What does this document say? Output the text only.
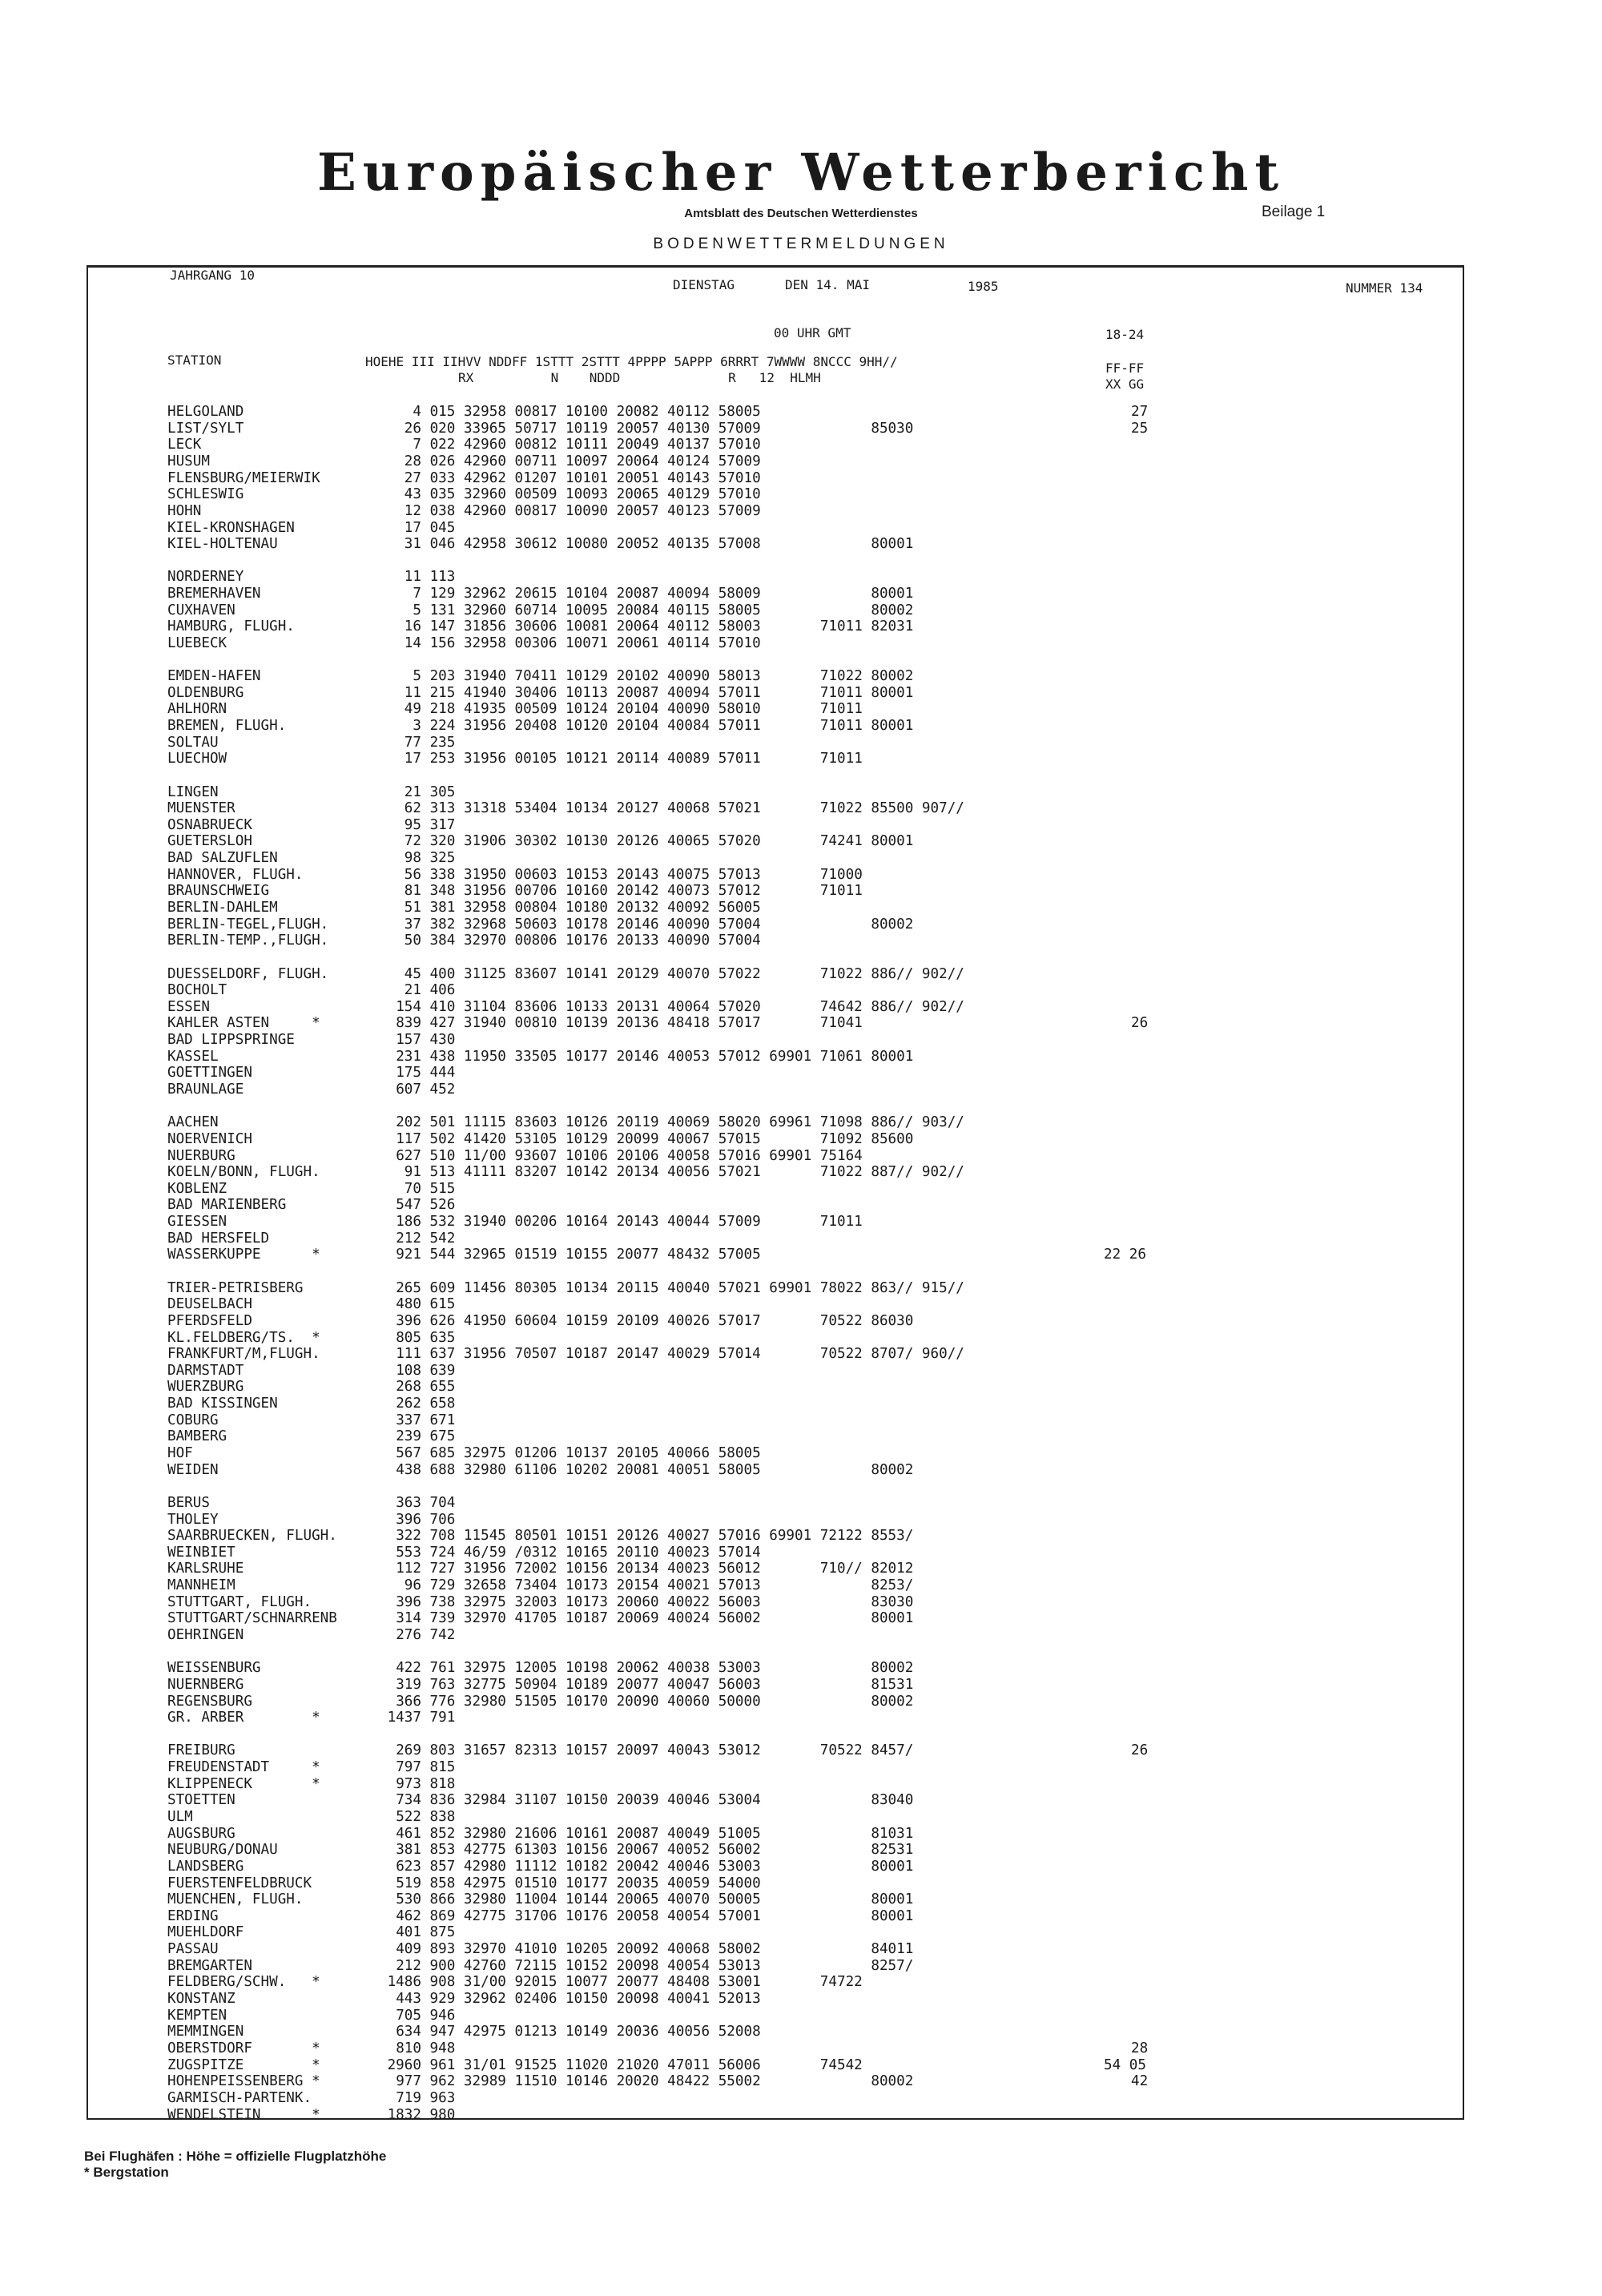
Europäischer Wetterbericht
Amtsblatt des Deutschen Wetterdienstes	Beilage 1
BODENWETTERMELDUNGEN
JAHRGANG 10
DIENSTAG	DEN 14. MAI	1985	NUMMER 134
00 UHR GMT	18-24
STATION	HOEHE III IIHVV NDDFF 1STTT 2STTT 4PPPP 5APPP 6RRRT 7WWWW 8NCCC 9HH//
RX          N    NDDD              R   12  HLMH
FF-FF
XX GG
HELGOLAND	4 015 32958 00817 10100 20082 40112 58005	27
LIST/SYLT	26 020 33965 50717 10119 20057 40130 57009             85030	25
LECK	7 022 42960 00812 10111 20049 40137 57010
HUSUM	28 026 42960 00711 10097 20064 40124 57009
FLENSBURG/MEIERWIK	27 033 42962 01207 10101 20051 40143 57010
SCHLESWIG	43 035 32960 00509 10093 20065 40129 57010
HOHN	12 038 42960 00817 10090 20057 40123 57009
KIEL-KRONSHAGEN	17 045
KIEL-HOLTENAU	31 046 42958 30612 10080 20052 40135 57008             80001
NORDERNEY	11 113
BREMERHAVEN	7 129 32962 20615 10104 20087 40094 58009             80001
CUXHAVEN	5 131 32960 60714 10095 20084 40115 58005             80002
HAMBURG, FLUGH.	16 147 31856 30606 10081 20064 40112 58003       71011 82031
LUEBECK	14 156 32958 00306 10071 20061 40114 57010
EMDEN-HAFEN	5 203 31940 70411 10129 20102 40090 58013       71022 80002
OLDENBURG	11 215 41940 30406 10113 20087 40094 57011       71011 80001
AHLHORN	49 218 41935 00509 10124 20104 40090 58010       71011
BREMEN, FLUGH.	3 224 31956 20408 10120 20104 40084 57011       71011 80001
SOLTAU	77 235
LUECHOW	17 253 31956 00105 10121 20114 40089 57011       71011
LINGEN	21 305
MUENSTER	62 313 31318 53404 10134 20127 40068 57021       71022 85500 907//
OSNABRUECK	95 317
GUETERSLOH	72 320 31906 30302 10130 20126 40065 57020       74241 80001
BAD SALZUFLEN	98 325
HANNOVER, FLUGH.	56 338 31950 00603 10153 20143 40075 57013       71000
BRAUNSCHWEIG	81 348 31956 00706 10160 20142 40073 57012       71011
BERLIN-DAHLEM	51 381 32958 00804 10180 20132 40092 56005
BERLIN-TEGEL,FLUGH.	37 382 32968 50603 10178 20146 40090 57004             80002
BERLIN-TEMP.,FLUGH.	50 384 32970 00806 10176 20133 40090 57004
DUESSELDORF, FLUGH.	45 400 31125 83607 10141 20129 40070 57022       71022 886// 902//
BOCHOLT	21 406
ESSEN	154 410 31104 83606 10133 20131 40064 57020       74642 886// 902//
KAHLER ASTEN     *	839 427 31940 00810 10139 20136 48418 57017       71041	26
BAD LIPPSPRINGE	157 430
KASSEL	231 438 11950 33505 10177 20146 40053 57012 69901 71061 80001
GOETTINGEN	175 444
BRAUNLAGE	607 452
AACHEN	202 501 11115 83603 10126 20119 40069 58020 69961 71098 886// 903//
NOERVENICH	117 502 41420 53105 10129 20099 40067 57015       71092 85600
NUERBURG	627 510 11/00 93607 10106 20106 40058 57016 69901 75164
KOELN/BONN, FLUGH.	91 513 41111 83207 10142 20134 40056 57021       71022 887// 902//
KOBLENZ	70 515
BAD MARIENBERG	547 526
GIESSEN	186 532 31940 00206 10164 20143 40044 57009       71011
BAD HERSFELD	212 542
WASSERKUPPE      *	921 544 32965 01519 10155 20077 48432 57005	22 26
TRIER-PETRISBERG	265 609 11456 80305 10134 20115 40040 57021 69901 78022 863// 915//
DEUSELBACH	480 615
PFERDSFELD	396 626 41950 60604 10159 20109 40026 57017       70522 86030
KL.FELDBERG/TS.  *	805 635
FRANKFURT/M,FLUGH.	111 637 31956 70507 10187 20147 40029 57014       70522 8707/ 960//
DARMSTADT	108 639
WUERZBURG	268 655
BAD KISSINGEN	262 658
COBURG	337 671
BAMBERG	239 675
HOF	567 685 32975 01206 10137 20105 40066 58005
WEIDEN	438 688 32980 61106 10202 20081 40051 58005             80002
BERUS	363 704
THOLEY	396 706
SAARBRUECKEN, FLUGH.	322 708 11545 80501 10151 20126 40027 57016 69901 72122 8553/
WEINBIET	553 724 46/59 /0312 10165 20110 40023 57014
KARLSRUHE	112 727 31956 72002 10156 20134 40023 56012       710// 82012
MANNHEIM	96 729 32658 73404 10173 20154 40021 57013             8253/
STUTTGART, FLUGH.	396 738 32975 32003 10173 20060 40022 56003             83030
STUTTGART/SCHNARRENB	314 739 32970 41705 10187 20069 40024 56002             80001
OEHRINGEN	276 742
WEISSENBURG	422 761 32975 12005 10198 20062 40038 53003             80002
NUERNBERG	319 763 32775 50904 10189 20077 40047 56003             81531
REGENSBURG	366 776 32980 51505 10170 20090 40060 50000             80002
GR. ARBER        *	1437 791
FREIBURG	269 803 31657 82313 10157 20097 40043 53012       70522 8457/	26
FREUDENSTADT     *	797 815
KLIPPENECK       *	973 818
STOETTEN	734 836 32984 31107 10150 20039 40046 53004             83040
ULM	522 838
AUGSBURG	461 852 32980 21606 10161 20087 40049 51005             81031
NEUBURG/DONAU	381 853 42775 61303 10156 20067 40052 56002             82531
LANDSBERG	623 857 42980 11112 10182 20042 40046 53003             80001
FUERSTENFELDBRUCK	519 858 42975 01510 10177 20035 40059 54000
MUENCHEN, FLUGH.	530 866 32980 11004 10144 20065 40070 50005             80001
ERDING	462 869 42775 31706 10176 20058 40054 57001             80001
MUEHLDORF	401 875
PASSAU	409 893 32970 41010 10205 20092 40068 58002             84011
BREMGARTEN	212 900 42760 72115 10152 20098 40054 53013             8257/
FELDBERG/SCHW.   *	1486 908 31/00 92015 10077 20077 48408 53001       74722
KONSTANZ	443 929 32962 02406 10150 20098 40041 52013
KEMPTEN	705 946
MEMMINGEN	634 947 42975 01213 10149 20036 40056 52008
OBERSTDORF       *	810 948	28
ZUGSPITZE        *	2960 961 31/01 91525 11020 21020 47011 56006       74542	54 05
HOHENPEISSENBERG *	977 962 32989 11510 10146 20020 48422 55002             80002	42
GARMISCH-PARTENK.	719 963
WENDELSTEIN      *	1832 980
Bei Flughäfen : Höhe = offizielle Flugplatzhöhe
* Bergstation
